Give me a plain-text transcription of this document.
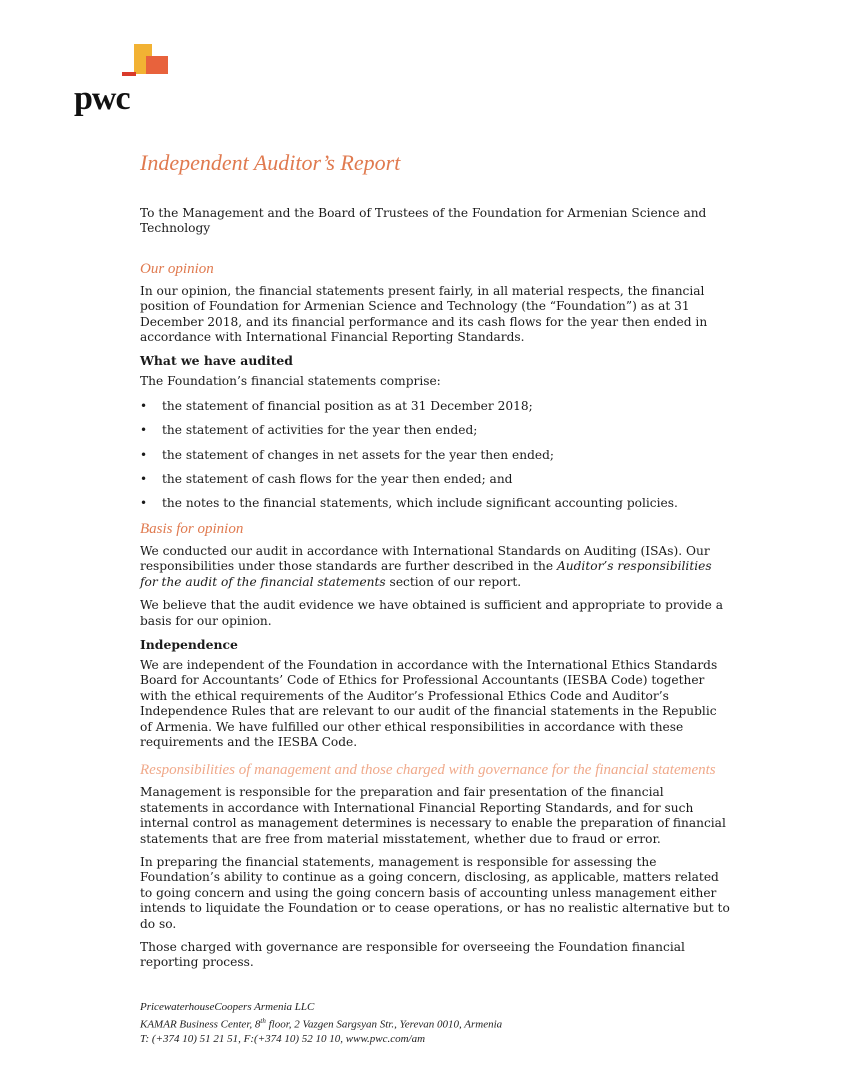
pwc
Independent Auditor’s Report

To the Management and the Board of Trustees of the Foundation for Armenian Science and Technology

Our opinion

In our opinion, the financial statements present fairly, in all material respects, the financial position of Foundation for Armenian Science and Technology (the “Foundation”) as at 31 December 2018, and its financial performance and its cash flows for the year then ended in accordance with International Financial Reporting Standards.

What we have audited

The Foundation’s financial statements comprise:

• the statement of financial position as at 31 December 2018;
• the statement of activities for the year then ended;
• the statement of changes in net assets for the year then ended;
• the statement of cash flows for the year then ended; and
• the notes to the financial statements, which include significant accounting policies.
Basis for opinion

We conducted our audit in accordance with International Standards on Auditing (ISAs). Our responsibilities under those standards are further described in the Auditor’s responsibilities for the audit of the financial statements section of our report.

We believe that the audit evidence we have obtained is sufficient and appropriate to provide a basis for our opinion.

Independence

We are independent of the Foundation in accordance with the International Ethics Standards Board for Accountants’ Code of Ethics for Professional Accountants (IESBA Code) together with the ethical requirements of the Auditor’s Professional Ethics Code and Auditor’s Independence Rules that are relevant to our audit of the financial statements in the Republic of Armenia. We have fulfilled our other ethical responsibilities in accordance with these requirements and the IESBA Code.

Responsibilities of management and those charged with governance for the financial statements

Management is responsible for the preparation and fair presentation of the financial statements in accordance with International Financial Reporting Standards, and for such internal control as management determines is necessary to enable the preparation of financial statements that are free from material misstatement, whether due to fraud or error.

In preparing the financial statements, management is responsible for assessing the Foundation’s ability to continue as a going concern, disclosing, as applicable, matters related to going concern and using the going concern basis of accounting unless management either intends to liquidate the Foundation or to cease operations, or has no realistic alternative but to do so.

Those charged with governance are responsible for overseeing the Foundation financial reporting process.

PricewaterhouseCoopers Armenia LLC

KAMAR Business Center, 8th floor, 2 Vazgen Sargsyan Str., Yerevan 0010, Armenia

T: (+374 10) 51 21 51, F:(+374 10) 52 10 10, www.pwc.com/am
